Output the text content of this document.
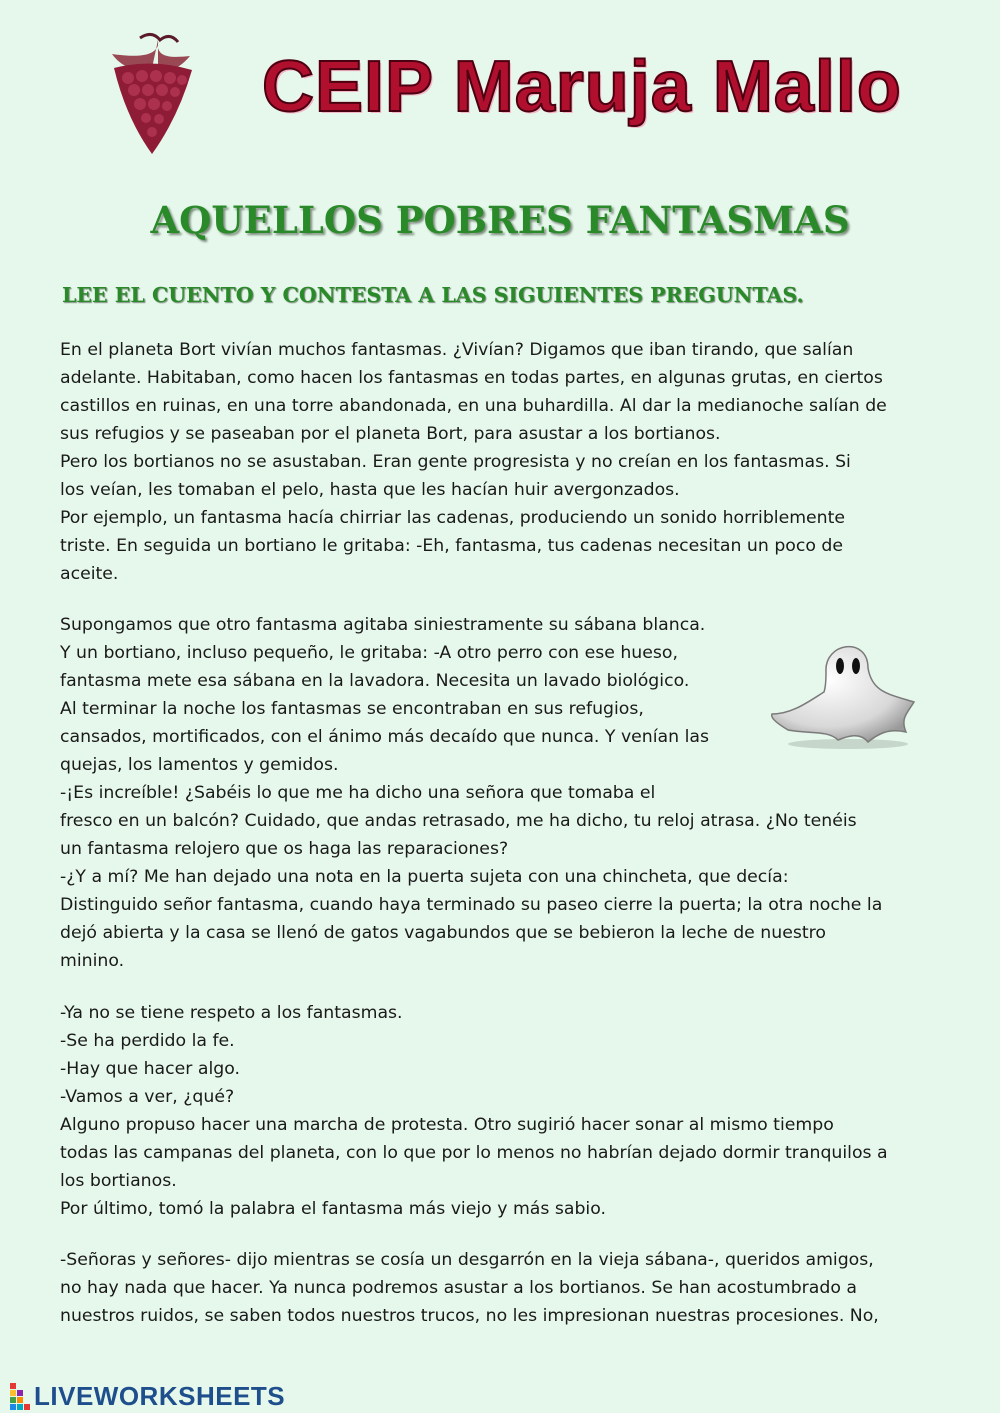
CEIP Maruja Mallo
AQUELLOS POBRES FANTASMAS
LEE EL CUENTO Y CONTESTA A LAS SIGUIENTES PREGUNTAS.

En el planeta Bort vivían muchos fantasmas. ¿Vivían? Digamos que iban tirando, que salían
adelante. Habitaban, como hacen los fantasmas en todas partes, en algunas grutas, en ciertos
castillos en ruinas, en una torre abandonada, en una buhardilla. Al dar la medianoche salían de
sus refugios y se paseaban por el planeta Bort, para asustar a los bortianos.
Pero los bortianos no se asustaban. Eran gente progresista y no creían en los fantasmas. Si
los veían, les tomaban el pelo, hasta que les hacían huir avergonzados.
Por ejemplo, un fantasma hacía chirriar las cadenas, produciendo un sonido horriblemente
triste. En seguida un bortiano le gritaba: -Eh, fantasma, tus cadenas necesitan un poco de
aceite.

Supongamos que otro fantasma agitaba siniestramente su sábana blanca.
Y un bortiano, incluso pequeño, le gritaba: -A otro perro con ese hueso,
fantasma mete esa sábana en la lavadora. Necesita un lavado biológico.
Al terminar la noche los fantasmas se encontraban en sus refugios,
cansados, mortificados, con el ánimo más decaído que nunca. Y venían las
quejas, los lamentos y gemidos.
-¡Es increíble! ¿Sabéis lo que me ha dicho una señora que tomaba el
fresco en un balcón? Cuidado, que andas retrasado, me ha dicho, tu reloj atrasa. ¿No tenéis
un fantasma relojero que os haga las reparaciones?
-¿Y a mí? Me han dejado una nota en la puerta sujeta con una chincheta, que decía:
Distinguido señor fantasma, cuando haya terminado su paseo cierre la puerta; la otra noche la
dejó abierta y la casa se llenó de gatos vagabundos que se bebieron la leche de nuestro
minino.

-Ya no se tiene respeto a los fantasmas.
-Se ha perdido la fe.
-Hay que hacer algo.
-Vamos a ver, ¿qué?
Alguno propuso hacer una marcha de protesta. Otro sugirió hacer sonar al mismo tiempo
todas las campanas del planeta, con lo que por lo menos no habrían dejado dormir tranquilos a
los bortianos.
Por último, tomó la palabra el fantasma más viejo y más sabio.

-Señoras y señores- dijo mientras se cosía un desgarrón en la vieja sábana-, queridos amigos,
no hay nada que hacer. Ya nunca podremos asustar a los bortianos. Se han acostumbrado a
nuestros ruidos, se saben todos nuestros trucos, no les impresionan nuestras procesiones. No,

LIVEWORKSHEETS
